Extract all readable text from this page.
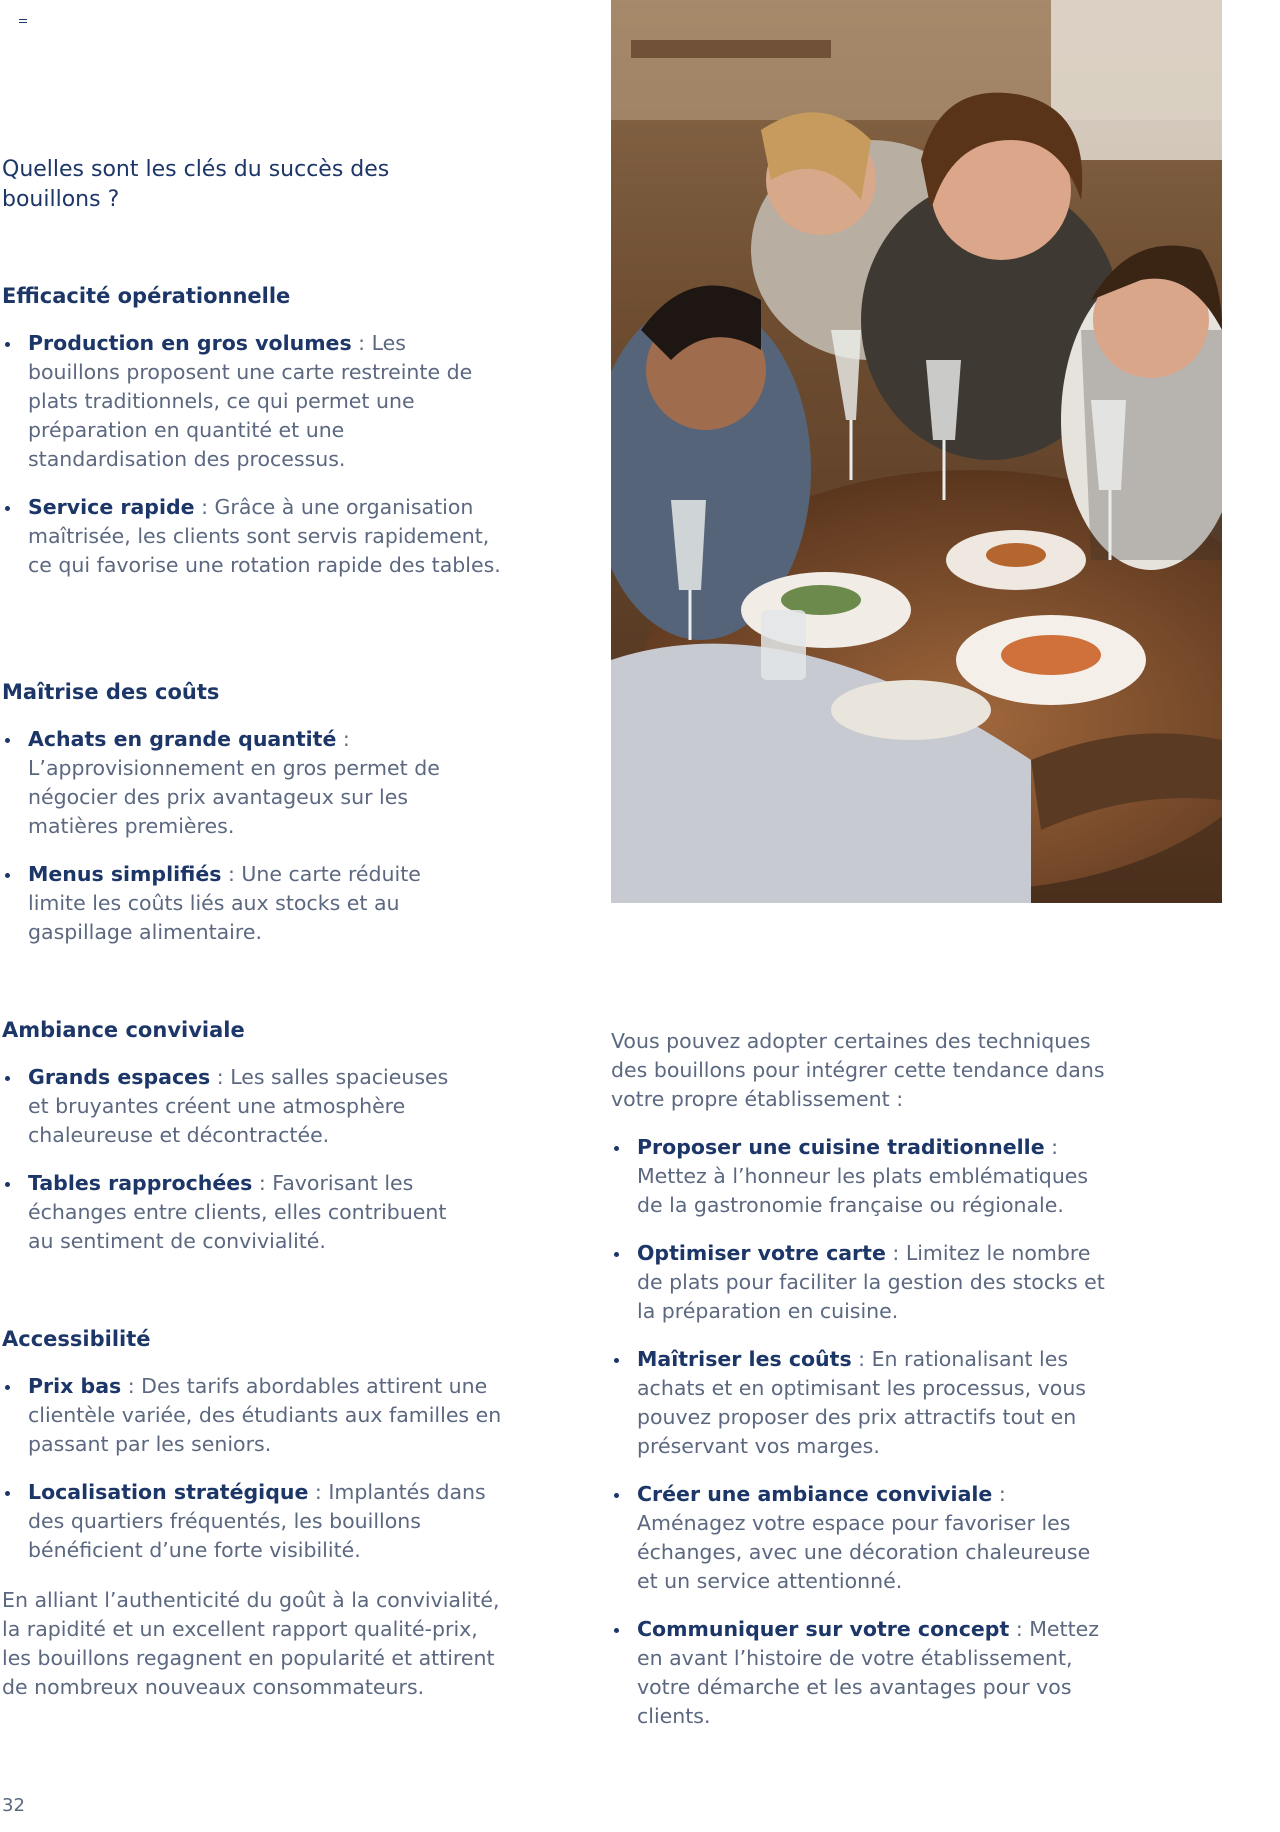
Quelles sont les clés du succès des bouillons ?
Efficacité opérationnelle
Production en gros volumes : Les bouillons proposent une carte restreinte de plats traditionnels, ce qui permet une préparation en quantité et une standardisation des processus.
Service rapide : Grâce à une organisation maîtrisée, les clients sont servis rapidement, ce qui favorise une rotation rapide des tables.
Maîtrise des coûts
Achats en grande quantité : L’approvisionnement en gros permet de négocier des prix avantageux sur les matières premières.
Menus simplifiés : Une carte réduite limite les coûts liés aux stocks et au gaspillage alimentaire.
Ambiance conviviale
Grands espaces : Les salles spacieuses et bruyantes créent une atmosphère chaleureuse et décontractée.
Tables rapprochées : Favorisant les échanges entre clients, elles contribuent au sentiment de convivialité.
Accessibilité
Prix bas : Des tarifs abordables attirent une clientèle variée, des étudiants aux familles en passant par les seniors.
Localisation stratégique : Implantés dans des quartiers fréquentés, les bouillons bénéficient d’une forte visibilité.

En alliant l’authenticité du goût à la convivialité, la rapidité et un excellent rapport qualité-prix, les bouillons regagnent en popularité et attirent de nombreux nouveaux consommateurs.

32

Vous pouvez adopter certaines des techniques des bouillons pour intégrer cette tendance dans votre propre établissement :

Proposer une cuisine traditionnelle : Mettez à l’honneur les plats emblématiques de la gastronomie française ou régionale.
Optimiser votre carte : Limitez le nombre de plats pour faciliter la gestion des stocks et la préparation en cuisine.
Maîtriser les coûts : En rationalisant les achats et en optimisant les processus, vous pouvez proposer des prix attractifs tout en préservant vos marges.
Créer une ambiance conviviale : Aménagez votre espace pour favoriser les échanges, avec une décoration chaleureuse et un service attentionné.
Communiquer sur votre concept : Mettez en avant l’histoire de votre établissement, votre démarche et les avantages pour vos clients.
